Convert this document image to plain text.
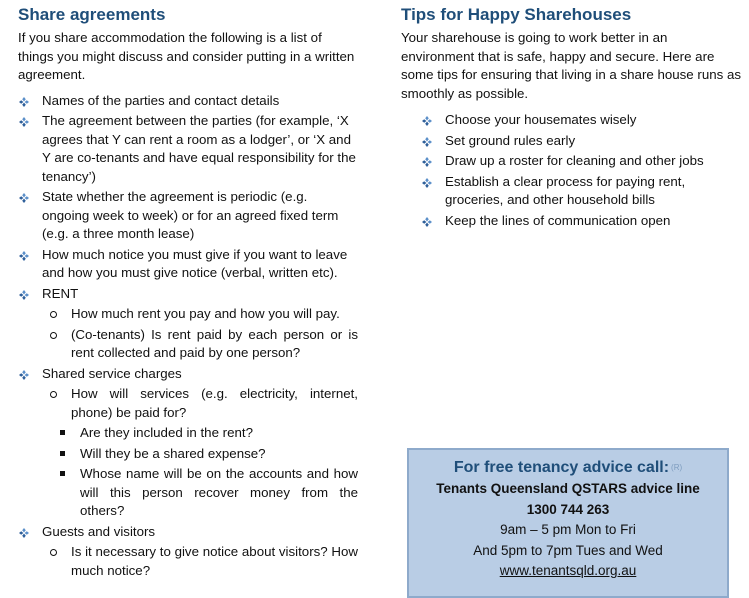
Share agreements

If you share accommodation the following is a list of things you might discuss and consider putting in a written agreement.

Names of the parties and contact details
The agreement between the parties (for example, ‘X agrees that Y can rent a room as a lodger’, or ‘X and Y are co-tenants and have equal responsibility for the tenancy’)
State whether the agreement is periodic (e.g. ongoing week to week) or for an agreed fixed term (e.g. a three month lease)
How much notice you must give if you want to leave and how you must give notice (verbal, written etc).
RENT
How much rent you pay and how you will pay.
(Co-tenants) Is rent paid by each person or is rent collected and paid by one person?
Shared service charges
How will services (e.g. electricity, internet, phone) be paid for?
Are they included in the rent?
Will they be a shared expense?
Whose name will be on the accounts and how will this person recover money from the others?
Guests and visitors
Is it necessary to give notice about visitors? How much notice?
Tips for Happy Sharehouses

Your sharehouse is going to work better in an environment that is safe, happy and secure. Here are some tips for ensuring that living in a share house runs as smoothly as possible.

Choose your housemates wisely
Set ground rules early
Draw up a roster for cleaning and other jobs
Establish a clear process for paying rent, groceries, and other household bills
Keep the lines of communication open
For free tenancy advice call: (R)
Tenants Queensland QSTARS advice line
1300 744 263
9am – 5 pm Mon to Fri
And 5pm to 7pm Tues and Wed
www.tenantsqld.org.au
